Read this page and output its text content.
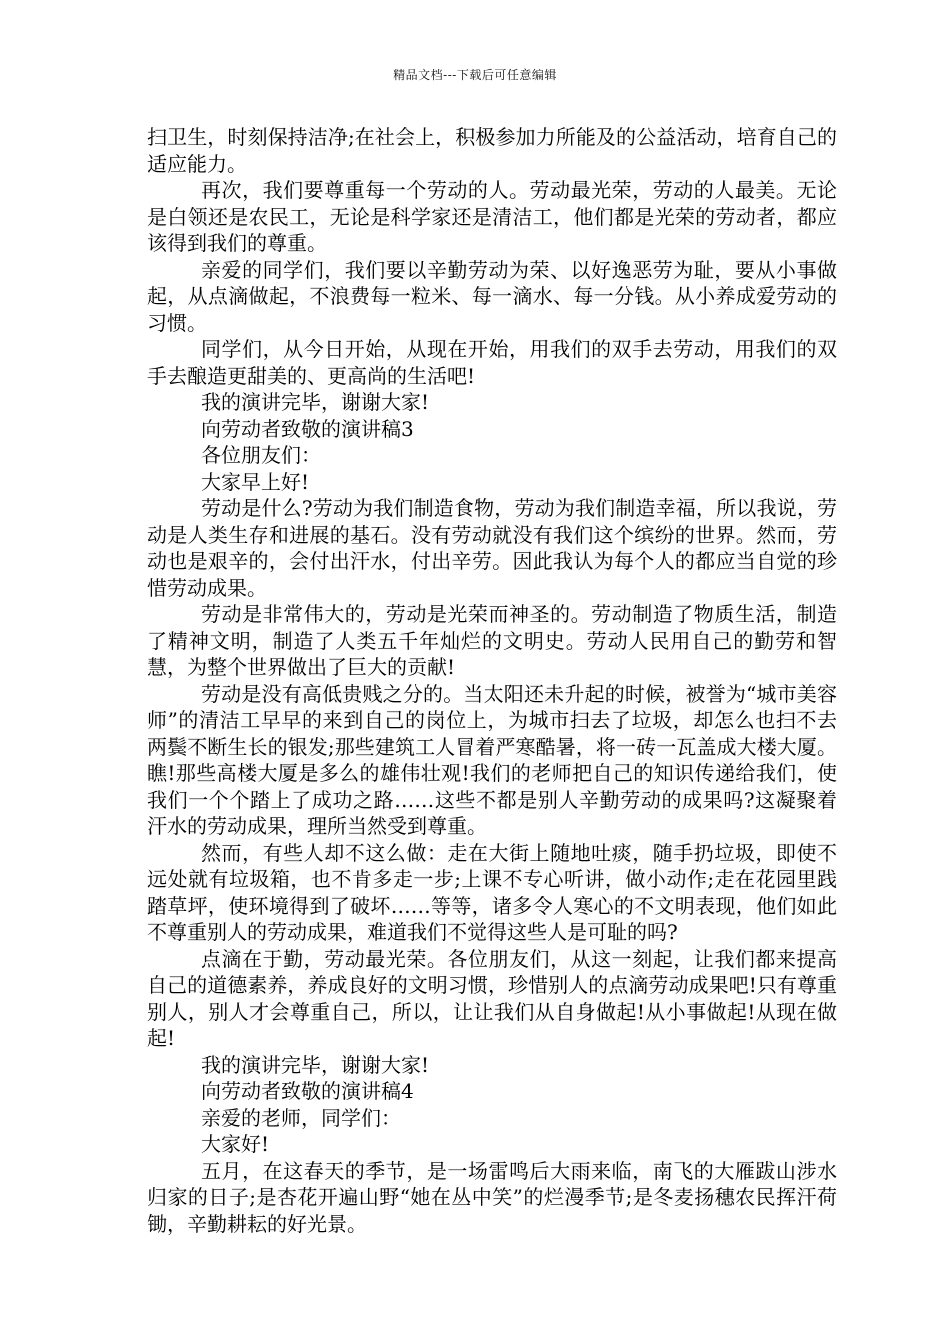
精品文档---下载后可任意编辑

扫卫生，时刻保持洁净;在社会上，积极参加力所能及的公益活动，培育自己的适应能力。

再次，我们要尊重每一个劳动的人。劳动最光荣，劳动的人最美。无论是白领还是农民工，无论是科学家还是清洁工，他们都是光荣的劳动者，都应该得到我们的尊重。

亲爱的同学们，我们要以辛勤劳动为荣、以好逸恶劳为耻，要从小事做起，从点滴做起，不浪费每一粒米、每一滴水、每一分钱。从小养成爱劳动的习惯。

同学们，从今日开始，从现在开始，用我们的双手去劳动，用我们的双手去酿造更甜美的、更高尚的生活吧!

我的演讲完毕，谢谢大家!

向劳动者致敬的演讲稿3

各位朋友们：

大家早上好!

劳动是什么?劳动为我们制造食物，劳动为我们制造幸福，所以我说，劳动是人类生存和进展的基石。没有劳动就没有我们这个缤纷的世界。然而，劳动也是艰辛的，会付出汗水，付出辛劳。因此我认为每个人的都应当自觉的珍惜劳动成果。

劳动是非常伟大的，劳动是光荣而神圣的。劳动制造了物质生活，制造了精神文明，制造了人类五千年灿烂的文明史。劳动人民用自己的勤劳和智慧，为整个世界做出了巨大的贡献!

劳动是没有高低贵贱之分的。当太阳还未升起的时候，被誉为“城市美容师”的清洁工早早的来到自己的岗位上，为城市扫去了垃圾，却怎么也扫不去两鬓不断生长的银发;那些建筑工人冒着严寒酷暑，将一砖一瓦盖成大楼大厦。瞧!那些高楼大厦是多么的雄伟壮观!我们的老师把自己的知识传递给我们，使我们一个个踏上了成功之路……这些不都是别人辛勤劳动的成果吗?这凝聚着汗水的劳动成果，理所当然受到尊重。

然而，有些人却不这么做：走在大街上随地吐痰，随手扔垃圾，即使不远处就有垃圾箱，也不肯多走一步;上课不专心听讲，做小动作;走在花园里践踏草坪，使环境得到了破坏……等等，诸多令人寒心的不文明表现，他们如此不尊重别人的劳动成果，难道我们不觉得这些人是可耻的吗?

点滴在于勤，劳动最光荣。各位朋友们，从这一刻起，让我们都来提高自己的道德素养，养成良好的文明习惯，珍惜别人的点滴劳动成果吧!只有尊重别人，别人才会尊重自己，所以，让让我们从自身做起!从小事做起!从现在做起!

我的演讲完毕，谢谢大家!

向劳动者致敬的演讲稿4

亲爱的老师，同学们：

大家好!

五月，在这春天的季节，是一场雷鸣后大雨来临，南飞的大雁跋山涉水归家的日子;是杏花开遍山野“她在丛中笑”的烂漫季节;是冬麦扬穗农民挥汗荷锄，辛勤耕耘的好光景。
